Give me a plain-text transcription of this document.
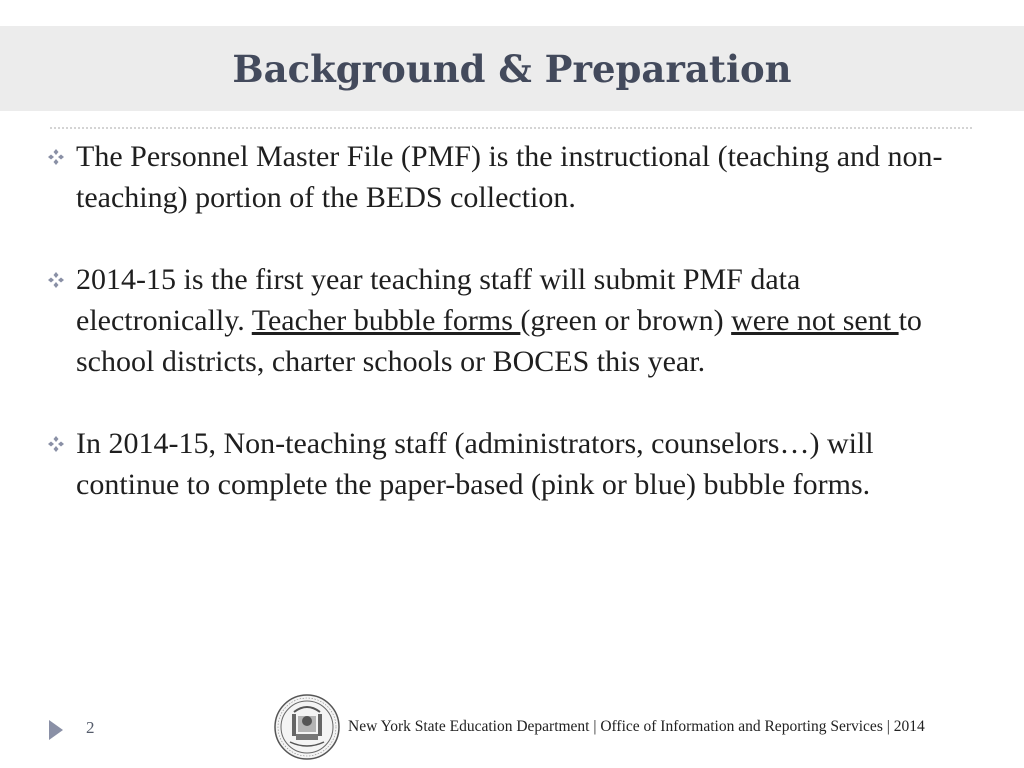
Background & Preparation

The Personnel Master File (PMF) is the instructional (teaching and non-teaching) portion of the BEDS collection.

2014-15 is the first year teaching staff will submit PMF data electronically. Teacher bubble forms (green or brown) were not sent to school districts, charter schools or BOCES this year.

In 2014-15, Non-teaching staff (administrators, counselors…) will continue to complete the paper-based (pink or blue) bubble forms.

2	New York State Education Department | Office of Information and Reporting Services | 2014
